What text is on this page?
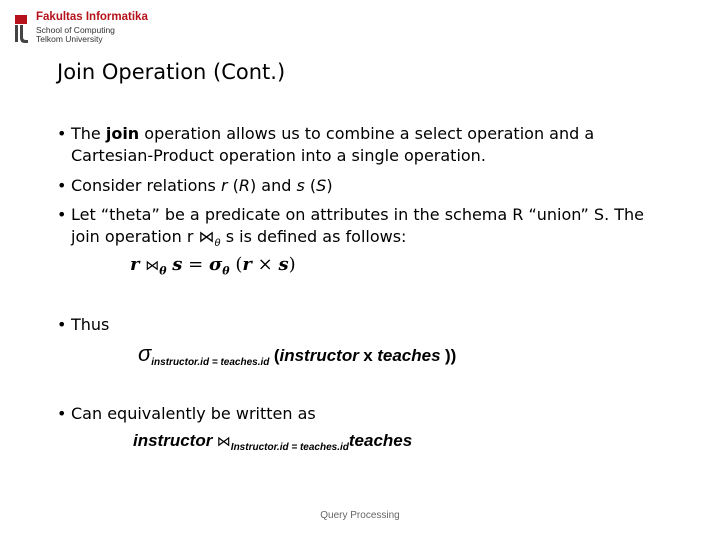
Fakultas Informatika
School of Computing
Telkom University
Join Operation (Cont.)
• The join operation allows us to combine a select operation and a Cartesian-Product operation into a single operation.
• Consider relations r (R) and s (S)
• Let “theta” be a predicate on attributes in the schema R “union” S. The join operation r $⋈_\theta$ s is defined as follows:
r $⋈_\theta$ $s = \sigma_\theta$ (r × s)
• Thus
$\sigma_{instructor.id = teaches.id}$ (instructor x teaches ))
• Can equivalently be written as
instructor $⋈_{Instructor.id = teaches.id}teaches$
Query Processing
